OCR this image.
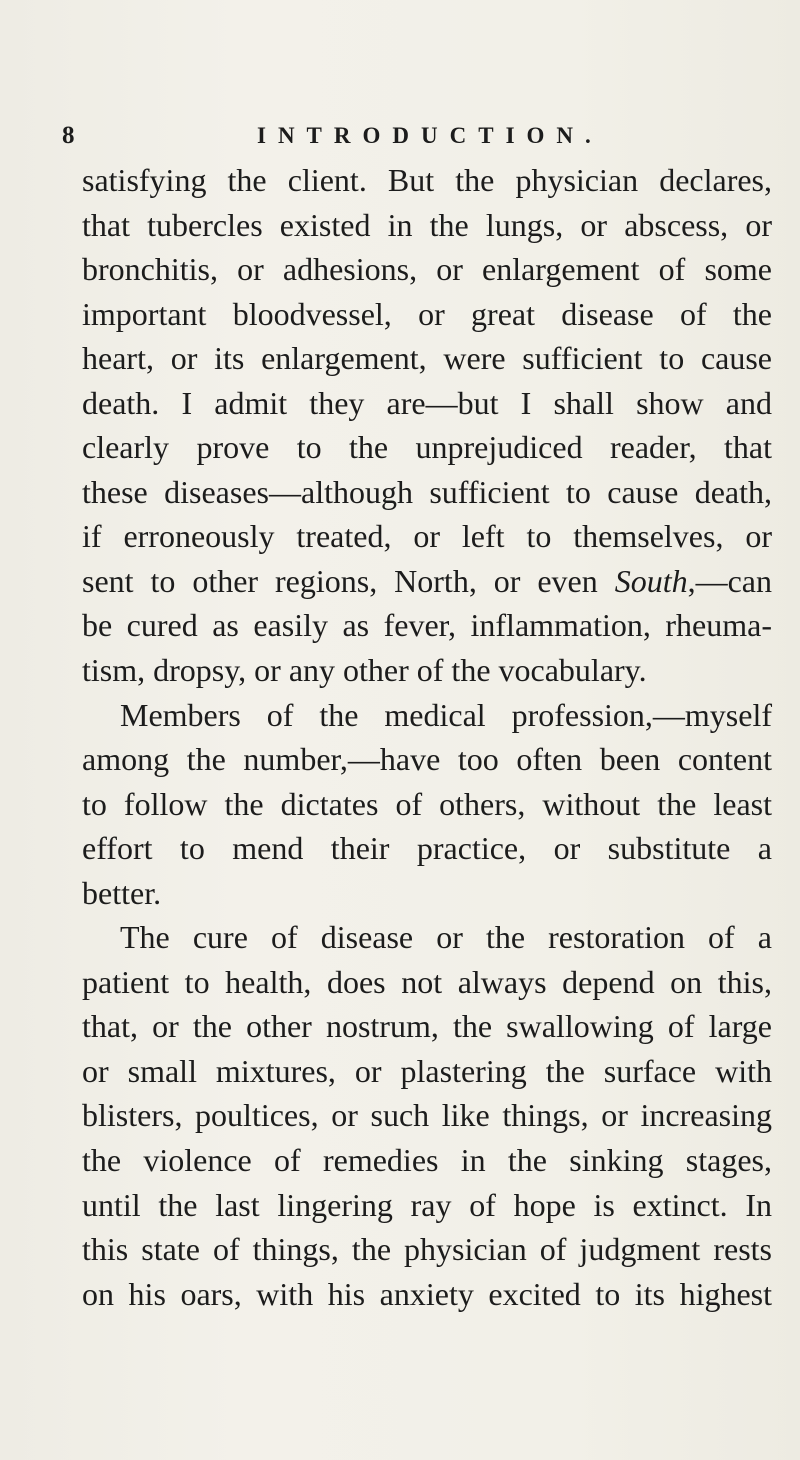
8	INTRODUCTION.
satisfying the client. But the physician declares,
that tubercles existed in the lungs, or abscess, or
bronchitis, or adhesions, or enlargement of some
important bloodvessel, or great disease of the
heart, or its enlargement, were sufficient to cause
death. I admit they are—but I shall show and
clearly prove to the unprejudiced reader, that
these diseases—although sufficient to cause death,
if erroneously treated, or left to themselves, or
sent to other regions, North, or even South,—can
be cured as easily as fever, inflammation, rheuma-
tism, dropsy, or any other of the vocabulary.
Members of the medical profession,—myself
among the number,—have too often been content
to follow the dictates of others, without the least
effort to mend their practice, or substitute a
better.
The cure of disease or the restoration of a
patient to health, does not always depend on this,
that, or the other nostrum, the swallowing of large
or small mixtures, or plastering the surface with
blisters, poultices, or such like things, or increasing
the violence of remedies in the sinking stages,
until the last lingering ray of hope is extinct. In
this state of things, the physician of judgment rests
on his oars, with his anxiety excited to its highest
